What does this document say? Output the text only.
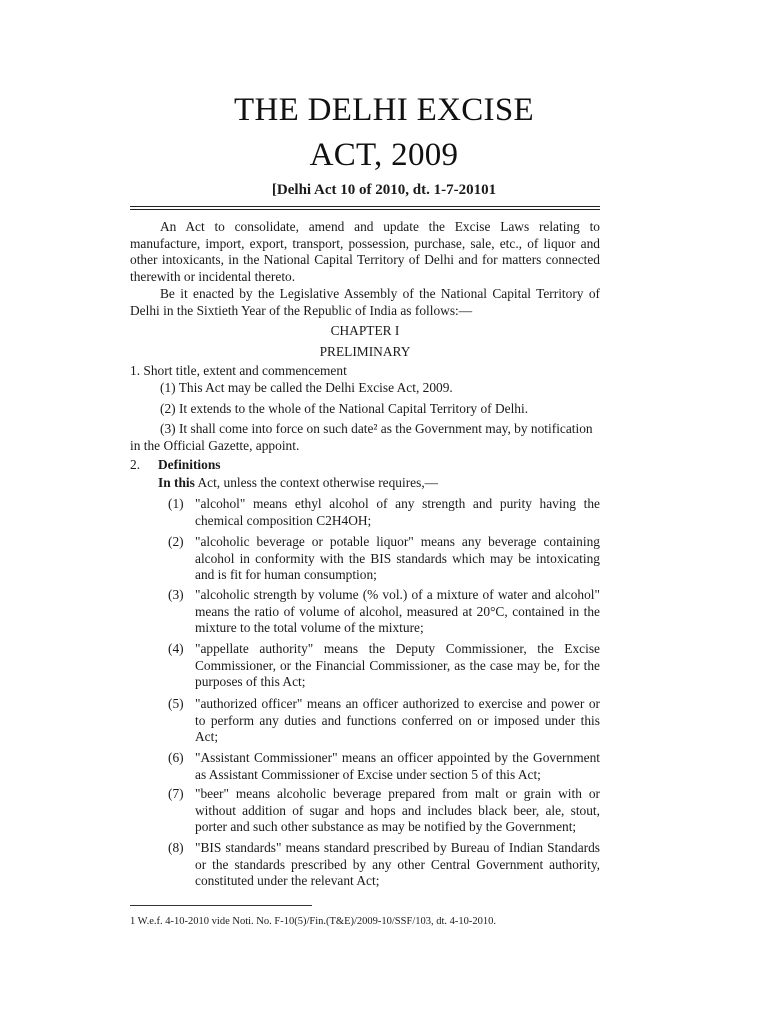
THE DELHI EXCISE
ACT, 2009
[Delhi Act 10 of 2010, dt. 1-7-20101
An Act to consolidate, amend and update the Excise Laws relating to manufacture, import, export, transport, possession, purchase, sale, etc., of liquor and other intoxicants, in the National Capital Territory of Delhi and for matters connected therewith or incidental thereto.
Be it enacted by the Legislative Assembly of the National Capital Territory of Delhi in the Sixtieth Year of the Republic of India as follows:—
CHAPTER I
PRELIMINARY
1. Short title, extent and commencement
(1) This Act may be called the Delhi Excise Act, 2009.
(2) It extends to the whole of the National Capital Territory of Delhi.
(3) It shall come into force on such date² as the Government may, by notification
in the Official Gazette, appoint.
2. Definitions
In this Act, unless the context otherwise requires,—
(1) "alcohol" means ethyl alcohol of any strength and purity having the chemical composition C2H4OH;
(2) "alcoholic beverage or potable liquor" means any beverage containing alcohol in conformity with the BIS standards which may be intoxicating and is fit for human consumption;
(3) "alcoholic strength by volume (% vol.) of a mixture of water and alcohol" means the ratio of volume of alcohol, measured at 20°C, contained in the mixture to the total volume of the mixture;
(4) "appellate authority" means the Deputy Commissioner, the Excise Commissioner, or the Financial Commissioner, as the case may be, for the purposes of this Act;
(5) "authorized officer" means an officer authorized to exercise and power or to perform any duties and functions conferred on or imposed under this Act;
(6) "Assistant Commissioner" means an officer appointed by the Government as Assistant Commissioner of Excise under section 5 of this Act;
(7) "beer" means alcoholic beverage prepared from malt or grain with or without addition of sugar and hops and includes black beer, ale, stout, porter and such other substance as may be notified by the Government;
(8) "BIS standards" means standard prescribed by Bureau of Indian Standards or the standards prescribed by any other Central Government authority, constituted under the relevant Act;
1 W.e.f. 4-10-2010 vide Noti. No. F-10(5)/Fin.(T&E)/2009-10/SSF/103, dt. 4-10-2010.
